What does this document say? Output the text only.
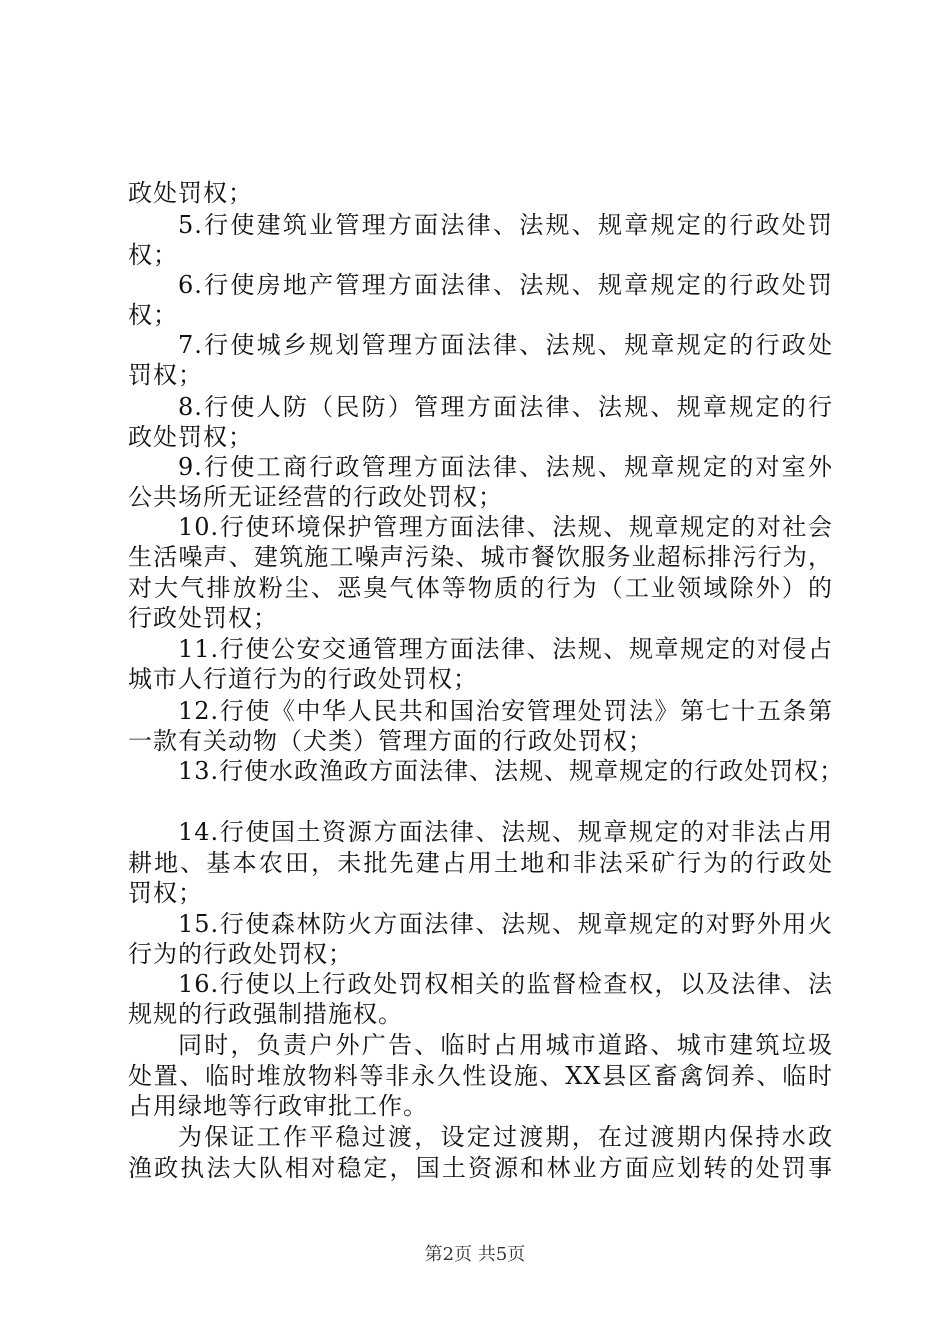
政处罚权；
5.行使建筑业管理方面法律、法规、规章规定的行政处罚
权；
6.行使房地产管理方面法律、法规、规章规定的行政处罚
权；
7.行使城乡规划管理方面法律、法规、规章规定的行政处
罚权；
8.行使人防（民防）管理方面法律、法规、规章规定的行
政处罚权；
9.行使工商行政管理方面法律、法规、规章规定的对室外
公共场所无证经营的行政处罚权；
10.行使环境保护管理方面法律、法规、规章规定的对社会
生活噪声、建筑施工噪声污染、城市餐饮服务业超标排污行为，
对大气排放粉尘、恶臭气体等物质的行为（工业领域除外）的
行政处罚权；
11.行使公安交通管理方面法律、法规、规章规定的对侵占
城市人行道行为的行政处罚权；
12.行使《中华人民共和国治安管理处罚法》第七十五条第
一款有关动物（犬类）管理方面的行政处罚权；
13.行使水政渔政方面法律、法规、规章规定的行政处罚权；
14.行使国土资源方面法律、法规、规章规定的对非法占用
耕地、基本农田，未批先建占用土地和非法采矿行为的行政处
罚权；
15.行使森林防火方面法律、法规、规章规定的对野外用火
行为的行政处罚权；
16.行使以上行政处罚权相关的监督检查权，以及法律、法
规规的行政强制措施权。
同时，负责户外广告、临时占用城市道路、城市建筑垃圾
处置、临时堆放物料等非永久性设施、XX县区畜禽饲养、临时
占用绿地等行政审批工作。
为保证工作平稳过渡，设定过渡期，在过渡期内保持水政
渔政执法大队相对稳定，国土资源和林业方面应划转的处罚事
第2页 共5页
